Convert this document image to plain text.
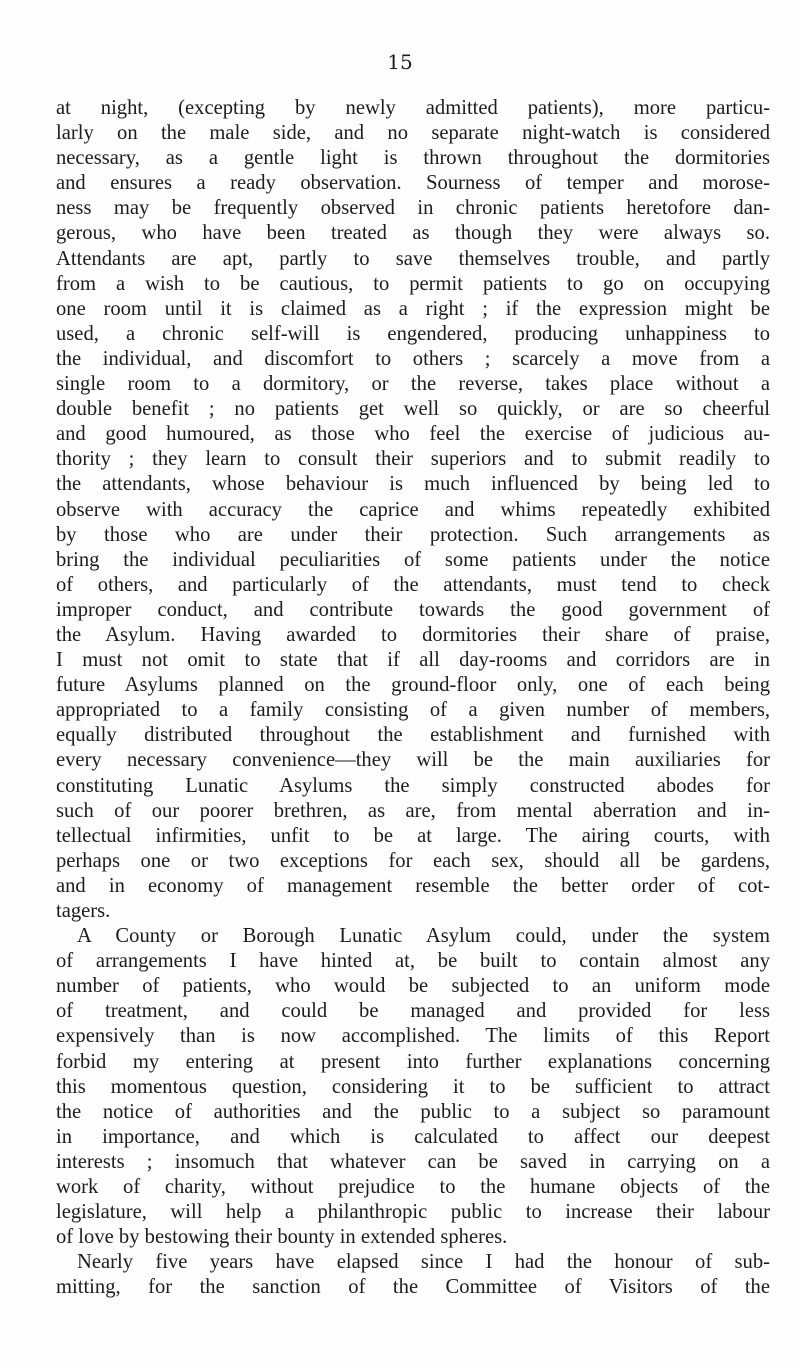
15
at night, (excepting by newly admitted patients), more particu-
larly on the male side, and no separate night-watch is considered
necessary, as a gentle light is thrown throughout the dormitories
and ensures a ready observation. Sourness of temper and morose-
ness may be frequently observed in chronic patients heretofore dan-
gerous, who have been treated as though they were always so.
Attendants are apt, partly to save themselves trouble, and partly
from a wish to be cautious, to permit patients to go on occupying
one room until it is claimed as a right ; if the expression might be
used, a chronic self-will is engendered, producing unhappiness to
the individual, and discomfort to others ; scarcely a move from a
single room to a dormitory, or the reverse, takes place without a
double benefit ; no patients get well so quickly, or are so cheerful
and good humoured, as those who feel the exercise of judicious au-
thority ; they learn to consult their superiors and to submit readily to
the attendants, whose behaviour is much influenced by being led to
observe with accuracy the caprice and whims repeatedly exhibited
by those who are under their protection. Such arrangements as
bring the individual peculiarities of some patients under the notice
of others, and particularly of the attendants, must tend to check
improper conduct, and contribute towards the good government of
the Asylum. Having awarded to dormitories their share of praise,
I must not omit to state that if all day-rooms and corridors are in
future Asylums planned on the ground-floor only, one of each being
appropriated to a family consisting of a given number of members,
equally distributed throughout the establishment and furnished with
every necessary convenience—they will be the main auxiliaries for
constituting Lunatic Asylums the simply constructed abodes for
such of our poorer brethren, as are, from mental aberration and in-
tellectual infirmities, unfit to be at large. The airing courts, with
perhaps one or two exceptions for each sex, should all be gardens,
and in economy of management resemble the better order of cot-
tagers.
A County or Borough Lunatic Asylum could, under the system
of arrangements I have hinted at, be built to contain almost any
number of patients, who would be subjected to an uniform mode
of treatment, and could be managed and provided for less
expensively than is now accomplished. The limits of this Report
forbid my entering at present into further explanations concerning
this momentous question, considering it to be sufficient to attract
the notice of authorities and the public to a subject so paramount
in importance, and which is calculated to affect our deepest
interests ; insomuch that whatever can be saved in carrying on a
work of charity, without prejudice to the humane objects of the
legislature, will help a philanthropic public to increase their labour
of love by bestowing their bounty in extended spheres.
Nearly five years have elapsed since I had the honour of sub-
mitting, for the sanction of the Committee of Visitors of the
